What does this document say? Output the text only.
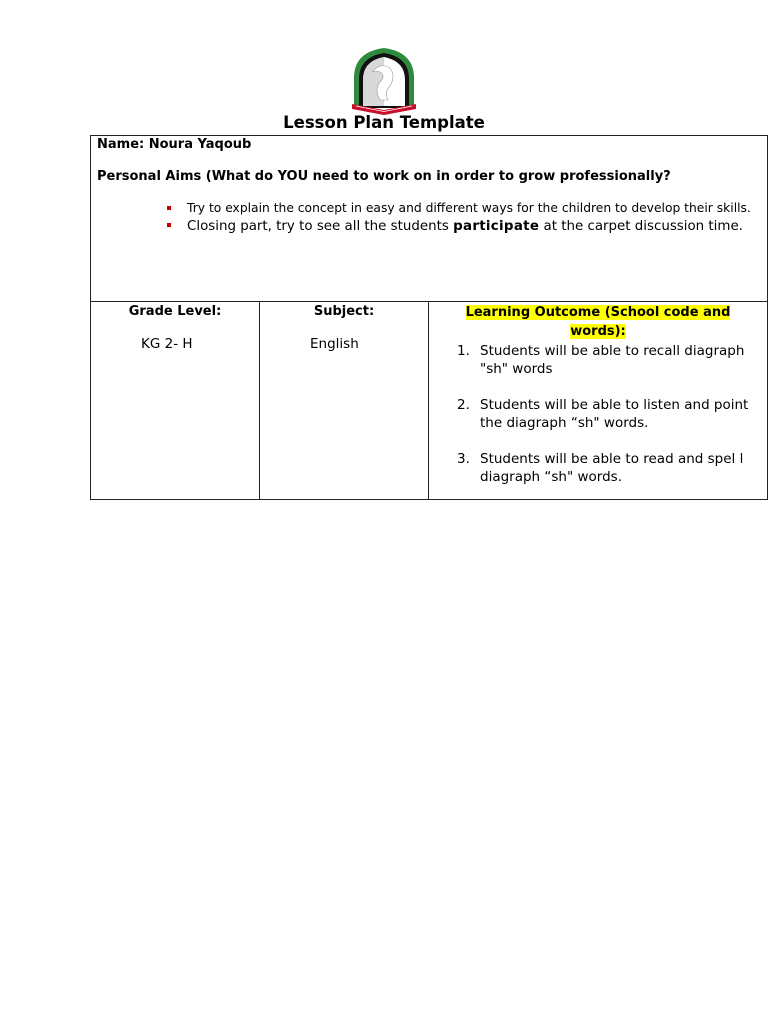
Lesson Plan Template
Name: Noura Yaqoub
Personal Aims (What do YOU need to work on in order to grow professionally?
Try to explain the concept in easy and different ways for the children to develop their skills.
Closing part, try to see all the students participate at the carpet discussion time.
Grade Level:
KG 2- H
Subject:
English
Learning Outcome (School code and words):
1. Students will be able to recall diagraph "sh" words
2. Students will be able to listen and point the diagraph “sh" words.
3. Students will be able to read and spel l diagraph “sh" words.
